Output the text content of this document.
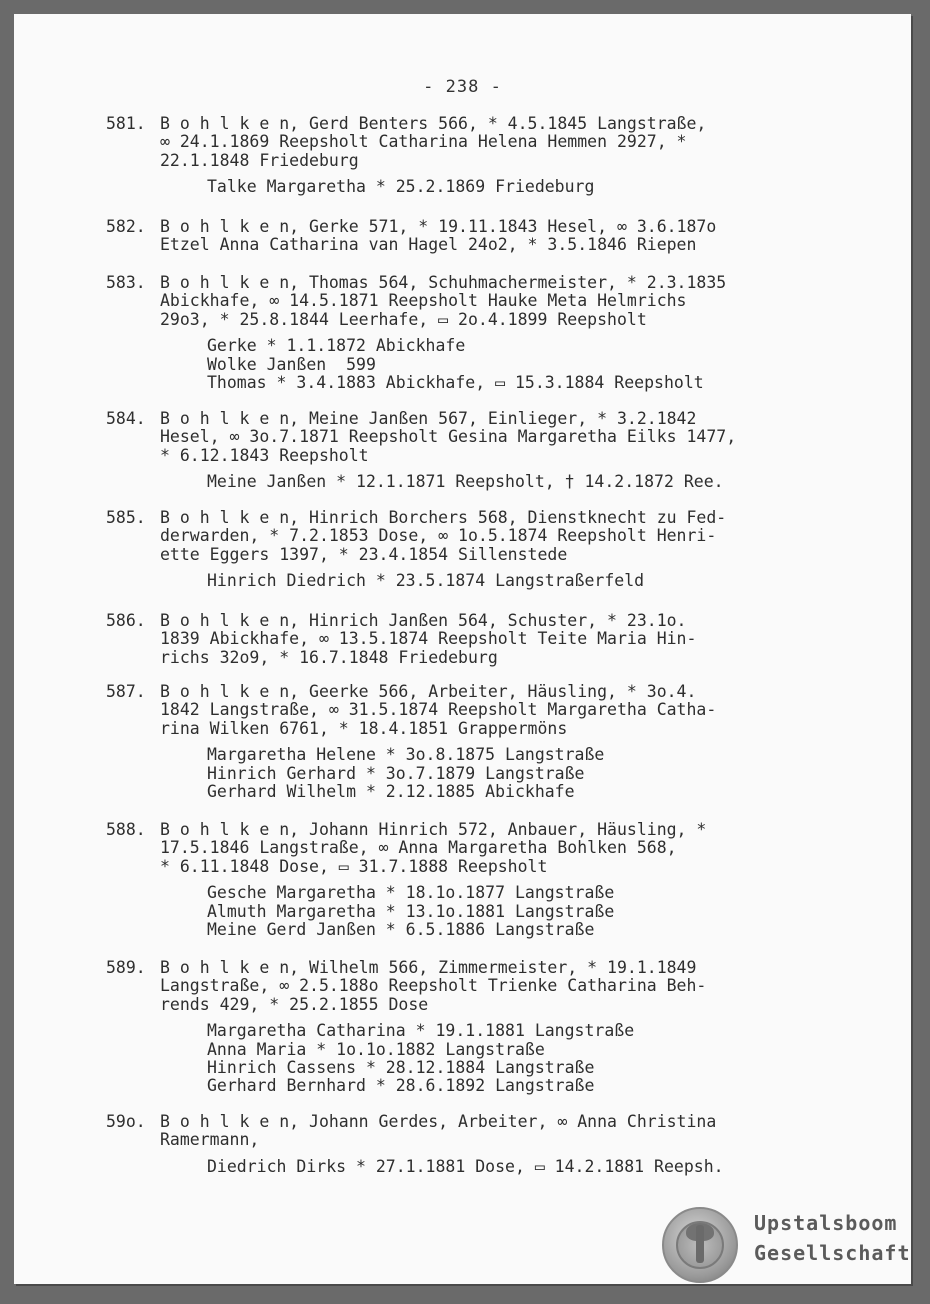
- 238 -
581. B o h l k e n, Gerd Benters 566, * 4.5.1845 Langstraße,
∞ 24.1.1869 Reepsholt Catharina Helena Hemmen 2927, *
22.1.1848 Friedeburg
Talke Margaretha * 25.2.1869 Friedeburg
582. B o h l k e n, Gerke 571, * 19.11.1843 Hesel, ∞ 3.6.187o
Etzel Anna Catharina van Hagel 24o2, * 3.5.1846 Riepen
583. B o h l k e n, Thomas 564, Schuhmachermeister, * 2.3.1835
Abickhafe, ∞ 14.5.1871 Reepsholt Hauke Meta Helmrichs
29o3, * 25.8.1844 Leerhafe, ▭ 2o.4.1899 Reepsholt
Gerke * 1.1.1872 Abickhafe
Wolke Janßen  599
Thomas * 3.4.1883 Abickhafe, ▭ 15.3.1884 Reepsholt
584. B o h l k e n, Meine Janßen 567, Einlieger, * 3.2.1842
Hesel, ∞ 3o.7.1871 Reepsholt Gesina Margaretha Eilks 1477,
* 6.12.1843 Reepsholt
Meine Janßen * 12.1.1871 Reepsholt, † 14.2.1872 Ree.
585. B o h l k e n, Hinrich Borchers 568, Dienstknecht zu Fed-
derwarden, * 7.2.1853 Dose, ∞ 1o.5.1874 Reepsholt Henri-
ette Eggers 1397, * 23.4.1854 Sillenstede
Hinrich Diedrich * 23.5.1874 Langstraßerfeld
586. B o h l k e n, Hinrich Janßen 564, Schuster, * 23.1o.
1839 Abickhafe, ∞ 13.5.1874 Reepsholt Teite Maria Hin-
richs 32o9, * 16.7.1848 Friedeburg
587. B o h l k e n, Geerke 566, Arbeiter, Häusling, * 3o.4.
1842 Langstraße, ∞ 31.5.1874 Reepsholt Margaretha Catha-
rina Wilken 6761, * 18.4.1851 Grappermöns
Margaretha Helene * 3o.8.1875 Langstraße
Hinrich Gerhard * 3o.7.1879 Langstraße
Gerhard Wilhelm * 2.12.1885 Abickhafe
588. B o h l k e n, Johann Hinrich 572, Anbauer, Häusling, *
17.5.1846 Langstraße, ∞ Anna Margaretha Bohlken 568,
* 6.11.1848 Dose, ▭ 31.7.1888 Reepsholt
Gesche Margaretha * 18.1o.1877 Langstraße
Almuth Margaretha * 13.1o.1881 Langstraße
Meine Gerd Janßen * 6.5.1886 Langstraße
589. B o h l k e n, Wilhelm 566, Zimmermeister, * 19.1.1849
Langstraße, ∞ 2.5.188o Reepsholt Trienke Catharina Beh-
rends 429, * 25.2.1855 Dose
Margaretha Catharina * 19.1.1881 Langstraße
Anna Maria * 1o.1o.1882 Langstraße
Hinrich Cassens * 28.12.1884 Langstraße
Gerhard Bernhard * 28.6.1892 Langstraße
59o. B o h l k e n, Johann Gerdes, Arbeiter, ∞ Anna Christina
Ramermann,
Diedrich Dirks * 27.1.1881 Dose, ▭ 14.2.1881 Reepsh.
Upstalsboom
Gesellschaft
